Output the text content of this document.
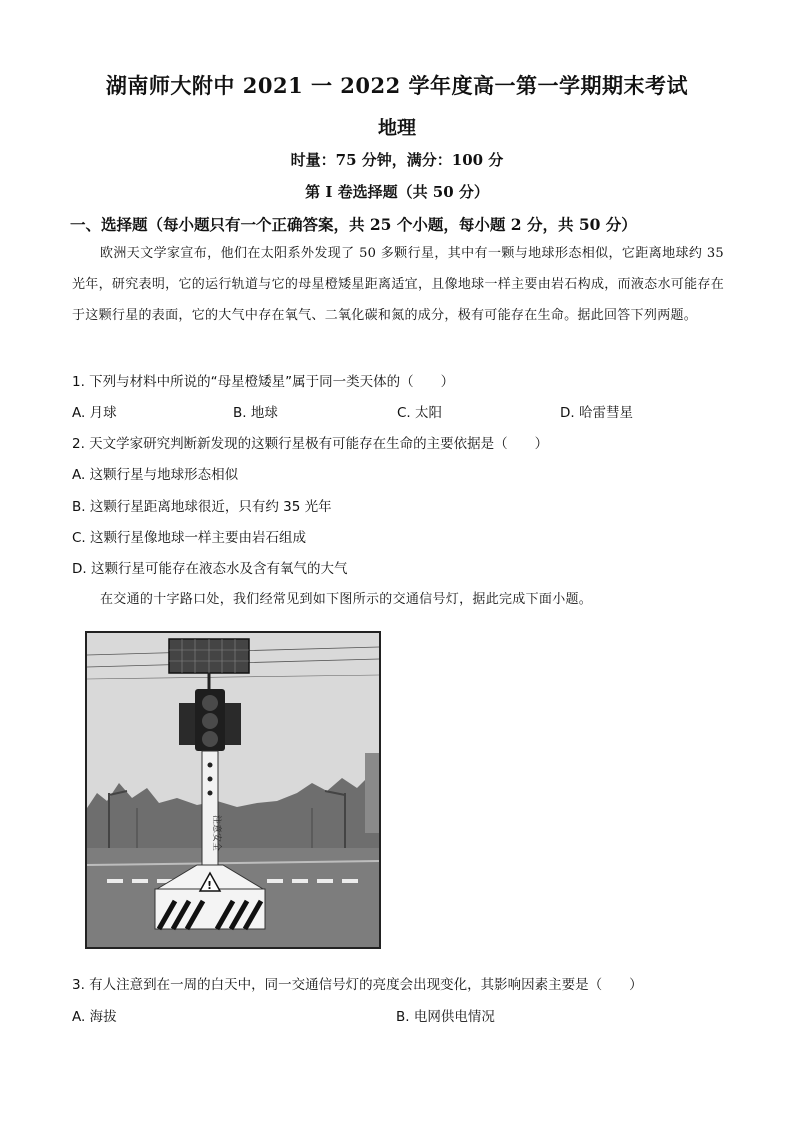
湖南师大附中 2021 一 2022 学年度高一第一学期期末考试
地理
时量：75 分钟，满分：100 分
第 I 卷选择题（共 50 分）
一、选择题（每小题只有一个正确答案，共 25 个小题，每小题 2 分，共 50 分）
欧洲天文学家宣布，他们在太阳系外发现了 50 多颗行星，其中有一颗与地球形态相似，它距离地球约 35 光年，研究表明，它的运行轨道与它的母星橙矮星距离适宜，且像地球一样主要由岩石构成，而液态水可能存在于这颗行星的表面，它的大气中存在氧气、二氧化碳和氮的成分，极有可能存在生命。据此回答下列两题。
1. 下列与材料中所说的“母星橙矮星”属于同一类天体的（　　）
A. 月球	B. 地球	C. 太阳	D. 哈雷彗星
2. 天文学家研究判断新发现的这颗行星极有可能存在生命的主要依据是（　　）
A. 这颗行星与地球形态相似
B. 这颗行星距离地球很近，只有约 35 光年
C. 这颗行星像地球一样主要由岩石组成
D. 这颗行星可能存在液态水及含有氧气的大气
在交通的十字路口处，我们经常见到如下图所示的交通信号灯，据此完成下面小题。
注意安全
!
3. 有人注意到在一周的白天中，同一交通信号灯的亮度会出现变化，其影响因素主要是（　　）
A. 海拔	B. 电网供电情况
